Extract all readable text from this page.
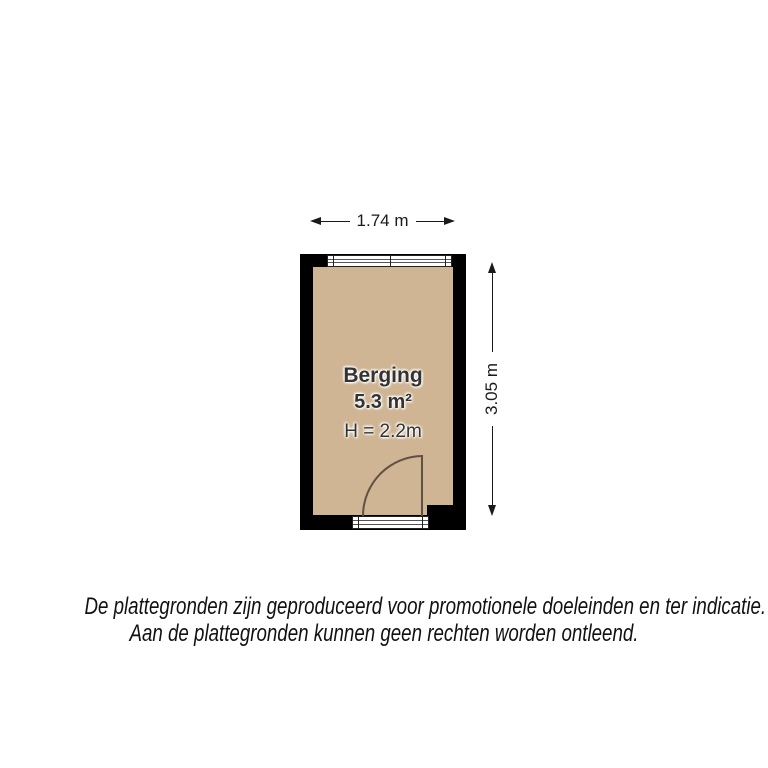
1.74 m
3.05 m
Berging
5.3 m²
H = 2.2m
De plattegronden zijn geproduceerd voor promotionele doeleinden en ter indicatie.
Aan de plattegronden kunnen geen rechten worden ontleend.
